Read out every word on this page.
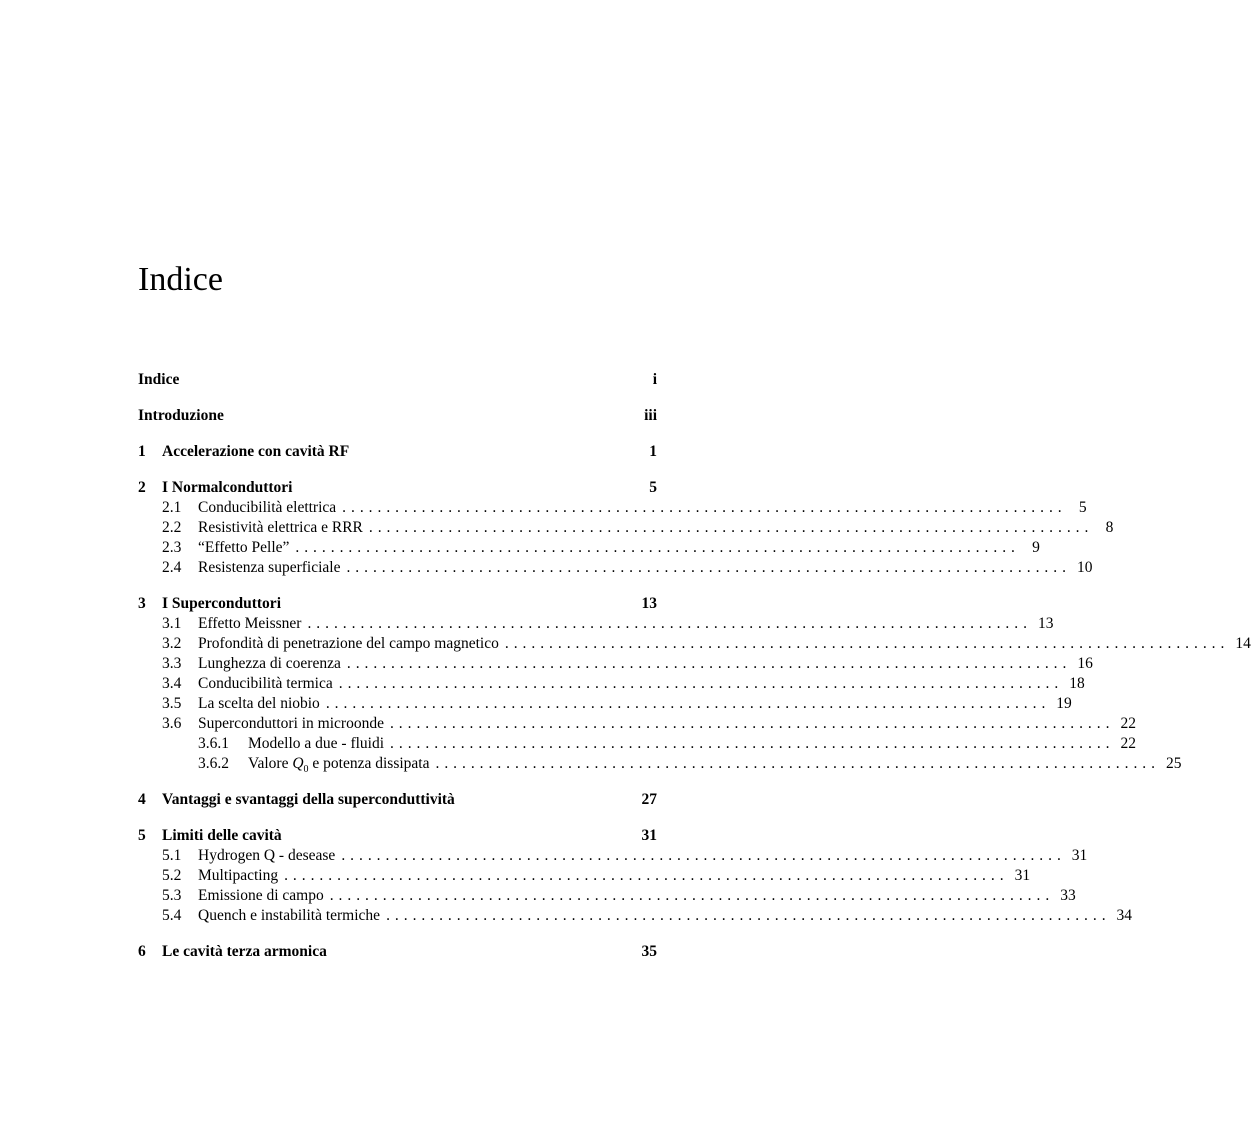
Indice
Indice	i
Introduzione	iii
1	Accelerazione con cavità RF	1
2	I Normalconduttori	5
2.1	Conducibilità elettrica .................................................................................. 5
2.2	Resistività elettrica e RRR .................................................................................. 8
2.3	“Effetto Pelle” .................................................................................. 9
2.4	Resistenza superficiale .................................................................................. 10
3	I Superconduttori	13
3.1	Effetto Meissner .................................................................................. 13
3.2	Profondità di penetrazione del campo magnetico .................................................................................. 14
3.3	Lunghezza di coerenza .................................................................................. 16
3.4	Conducibilità termica .................................................................................. 18
3.5	La scelta del niobio .................................................................................. 19
3.6	Superconduttori in microonde .................................................................................. 22
3.6.1	Modello a due - fluidi .................................................................................. 22
3.6.2	Valore $Q_0$ e potenza dissipata .................................................................................. 25
4	Vantaggi e svantaggi della superconduttività	27
5	Limiti delle cavità	31
5.1	Hydrogen Q - desease .................................................................................. 31
5.2	Multipacting .................................................................................. 31
5.3	Emissione di campo .................................................................................. 33
5.4	Quench e instabilità termiche .................................................................................. 34
6	Le cavità terza armonica	35
